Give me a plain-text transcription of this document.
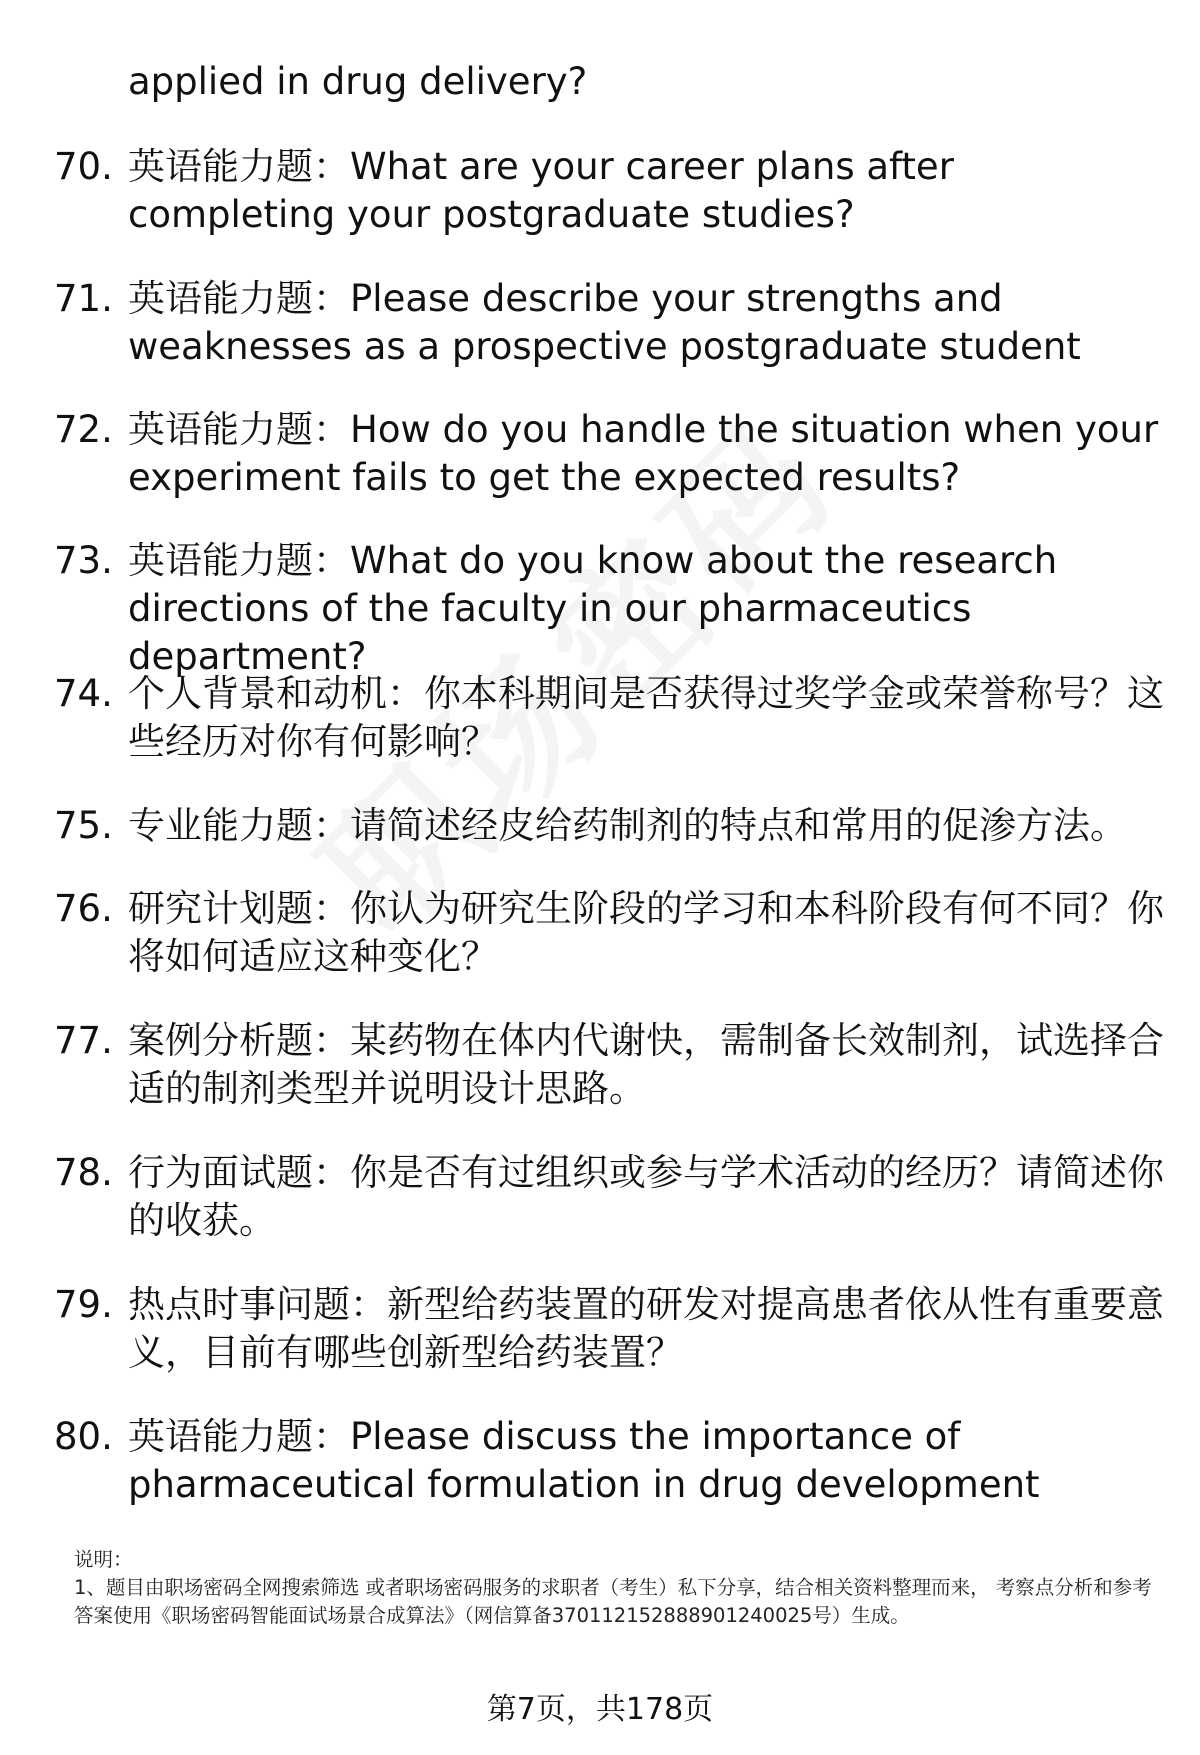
applied in drug delivery?
70. 英语能力题：What are your career plans after completing your postgraduate studies?
71. 英语能力题：Please describe your strengths and weaknesses as a prospective postgraduate student
72. 英语能力题：How do you handle the situation when your experiment fails to get the expected results?
73. 英语能力题：What do you know about the research directions of the faculty in our pharmaceutics department?
74. 个人背景和动机：你本科期间是否获得过奖学金或荣誉称号？这些经历对你有何影响？
75. 专业能力题：请简述经皮给药制剂的特点和常用的促渗方法。
76. 研究计划题：你认为研究生阶段的学习和本科阶段有何不同？你将如何适应这种变化？
77. 案例分析题：某药物在体内代谢快，需制备长效制剂，试选择合适的制剂类型并说明设计思路。
78. 行为面试题：你是否有过组织或参与学术活动的经历？请简述你的收获。
79. 热点时事问题：新型给药装置的研发对提高患者依从性有重要意义，目前有哪些创新型给药装置？
80. 英语能力题：Please discuss the importance of pharmaceutical formulation in drug development
说明：
1、题目由职场密码全网搜索筛选 或者职场密码服务的求职者（考生）私下分享，结合相关资料整理而来， 考察点分析和参考答案使用《职场密码智能面试场景合成算法》（网信算备370112152888901240025号）生成。
第7页，共178页
